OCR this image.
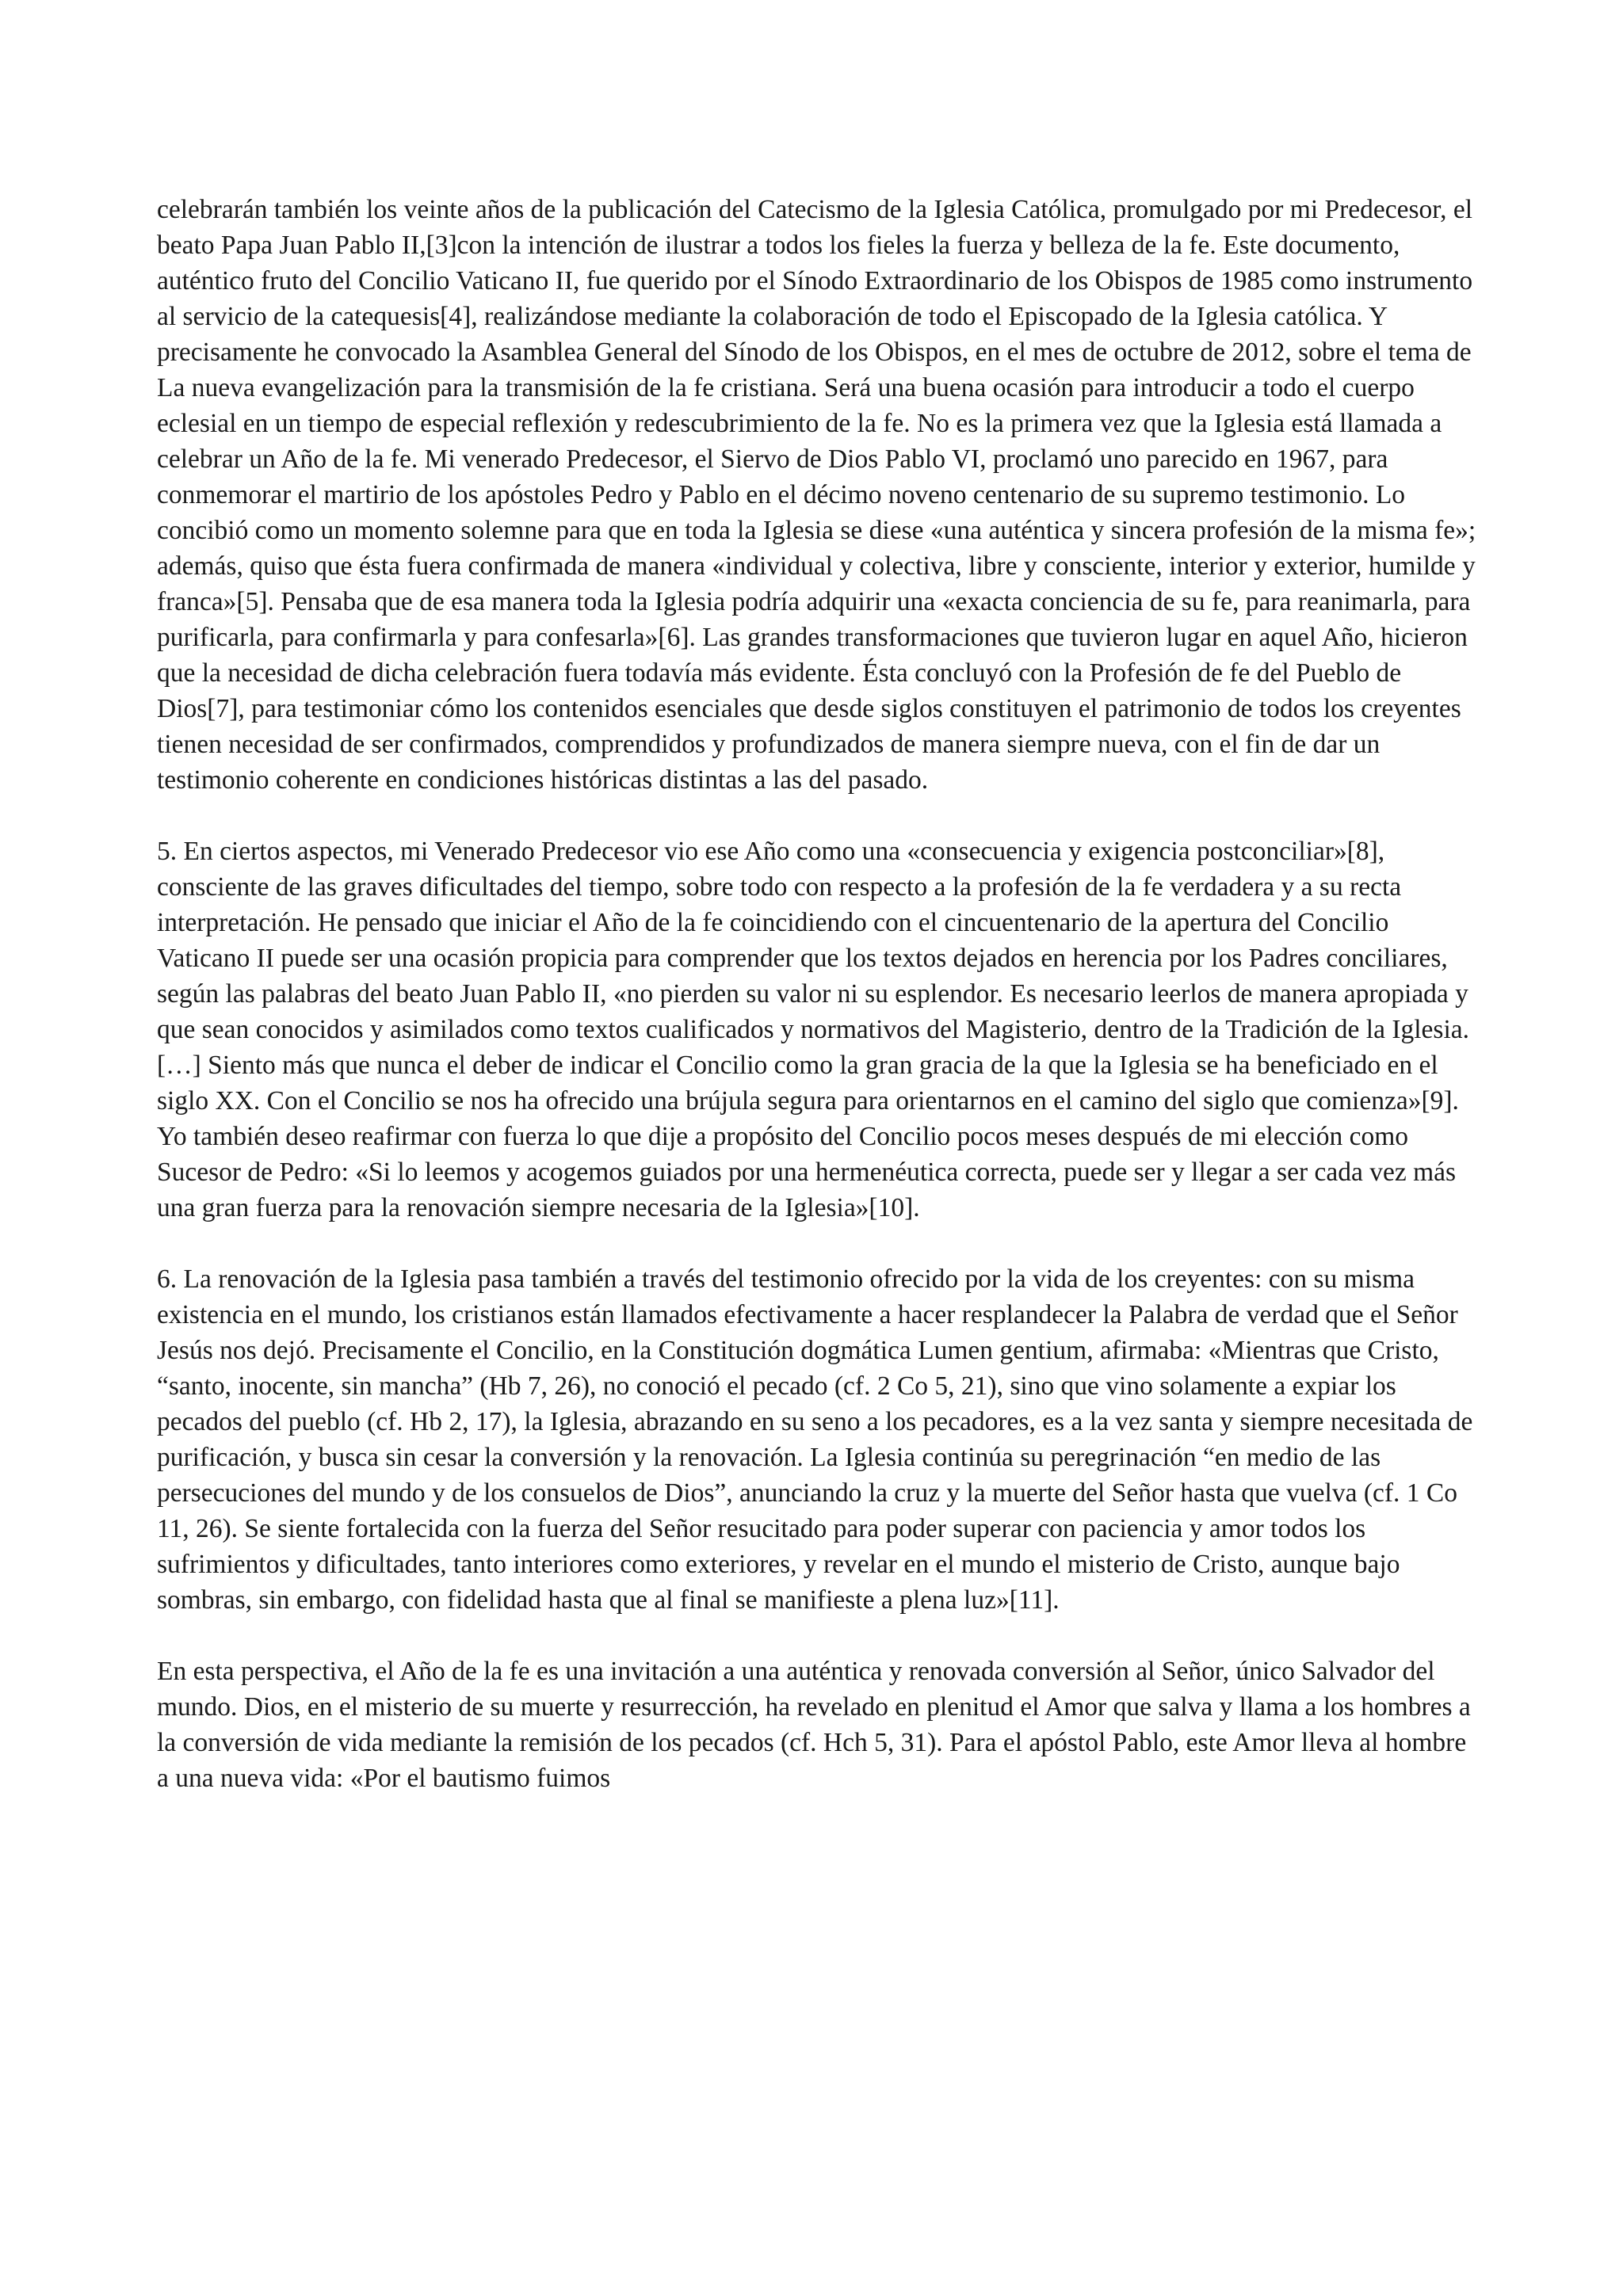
celebrarán también los veinte años de la publicación del Catecismo de la Iglesia Católica, promulgado por mi Predecesor, el beato Papa Juan Pablo II,[3]con la intención de ilustrar a todos los fieles la fuerza y belleza de la fe. Este documento, auténtico fruto del Concilio Vaticano II, fue querido por el Sínodo Extraordinario de los Obispos de 1985 como instrumento al servicio de la catequesis[4], realizándose mediante la colaboración de todo el Episcopado de la Iglesia católica. Y precisamente he convocado la Asamblea General del Sínodo de los Obispos, en el mes de octubre de 2012, sobre el tema de La nueva evangelización para la transmisión de la fe cristiana. Será una buena ocasión para introducir a todo el cuerpo eclesial en un tiempo de especial reflexión y redescubrimiento de la fe. No es la primera vez que la Iglesia está llamada a celebrar un Año de la fe. Mi venerado Predecesor, el Siervo de Dios Pablo VI, proclamó uno parecido en 1967, para conmemorar el martirio de los apóstoles Pedro y Pablo en el décimo noveno centenario de su supremo testimonio. Lo concibió como un momento solemne para que en toda la Iglesia se diese «una auténtica y sincera profesión de la misma fe»; además, quiso que ésta fuera confirmada de manera «individual y colectiva, libre y consciente, interior y exterior, humilde y franca»[5]. Pensaba que de esa manera toda la Iglesia podría adquirir una «exacta conciencia de su fe, para reanimarla, para purificarla, para confirmarla y para confesarla»[6]. Las grandes transformaciones que tuvieron lugar en aquel Año, hicieron que la necesidad de dicha celebración fuera todavía más evidente. Ésta concluyó con la Profesión de fe del Pueblo de Dios[7], para testimoniar cómo los contenidos esenciales que desde siglos constituyen el patrimonio de todos los creyentes tienen necesidad de ser confirmados, comprendidos y profundizados de manera siempre nueva, con el fin de dar un testimonio coherente en condiciones históricas distintas a las del pasado.

5. En ciertos aspectos, mi Venerado Predecesor vio ese Año como una «consecuencia y exigencia postconciliar»[8], consciente de las graves dificultades del tiempo, sobre todo con respecto a la profesión de la fe verdadera y a su recta interpretación. He pensado que iniciar el Año de la fe coincidiendo con el cincuentenario de la apertura del Concilio Vaticano II puede ser una ocasión propicia para comprender que los textos dejados en herencia por los Padres conciliares, según las palabras del beato Juan Pablo II, «no pierden su valor ni su esplendor. Es necesario leerlos de manera apropiada y que sean conocidos y asimilados como textos cualificados y normativos del Magisterio, dentro de la Tradición de la Iglesia. […] Siento más que nunca el deber de indicar el Concilio como la gran gracia de la que la Iglesia se ha beneficiado en el siglo XX. Con el Concilio se nos ha ofrecido una brújula segura para orientarnos en el camino del siglo que comienza»[9]. Yo también deseo reafirmar con fuerza lo que dije a propósito del Concilio pocos meses después de mi elección como Sucesor de Pedro: «Si lo leemos y acogemos guiados por una hermenéutica correcta, puede ser y llegar a ser cada vez más una gran fuerza para la renovación siempre necesaria de la Iglesia»[10].

6. La renovación de la Iglesia pasa también a través del testimonio ofrecido por la vida de los creyentes: con su misma existencia en el mundo, los cristianos están llamados efectivamente a hacer resplandecer la Palabra de verdad que el Señor Jesús nos dejó. Precisamente el Concilio, en la Constitución dogmática Lumen gentium, afirmaba: «Mientras que Cristo, “santo, inocente, sin mancha” (Hb 7, 26), no conoció el pecado (cf. 2 Co 5, 21), sino que vino solamente a expiar los pecados del pueblo (cf. Hb 2, 17), la Iglesia, abrazando en su seno a los pecadores, es a la vez santa y siempre necesitada de purificación, y busca sin cesar la conversión y la renovación. La Iglesia continúa su peregrinación “en medio de las persecuciones del mundo y de los consuelos de Dios”, anunciando la cruz y la muerte del Señor hasta que vuelva (cf. 1 Co 11, 26). Se siente fortalecida con la fuerza del Señor resucitado para poder superar con paciencia y amor todos los sufrimientos y dificultades, tanto interiores como exteriores, y revelar en el mundo el misterio de Cristo, aunque bajo sombras, sin embargo, con fidelidad hasta que al final se manifieste a plena luz»[11].

En esta perspectiva, el Año de la fe es una invitación a una auténtica y renovada conversión al Señor, único Salvador del mundo. Dios, en el misterio de su muerte y resurrección, ha revelado en plenitud el Amor que salva y llama a los hombres a la conversión de vida mediante la remisión de los pecados (cf. Hch 5, 31). Para el apóstol Pablo, este Amor lleva al hombre a una nueva vida: «Por el bautismo fuimos
